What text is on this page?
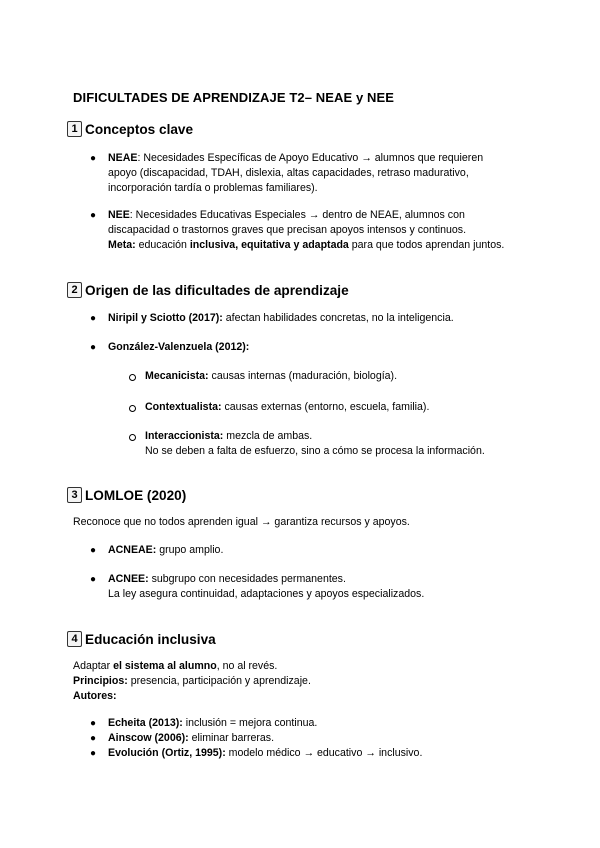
DIFICULTADES DE APRENDIZAJE T2– NEAE y NEE
1 Conceptos clave
● NEAE: Necesidades Específicas de Apoyo Educativo → alumnos que requieren
apoyo (discapacidad, TDAH, dislexia, altas capacidades, retraso madurativo,
incorporación tardía o problemas familiares).
● NEE: Necesidades Educativas Especiales → dentro de NEAE, alumnos con
discapacidad o trastornos graves que precisan apoyos intensos y continuos.
Meta: educación inclusiva, equitativa y adaptada para que todos aprendan juntos.
2 Origen de las dificultades de aprendizaje
● Niripil y Sciotto (2017): afectan habilidades concretas, no la inteligencia.
● González-Valenzuela (2012):
Mecanicista: causas internas (maduración, biología).
Contextualista: causas externas (entorno, escuela, familia).
Interaccionista: mezcla de ambas.
No se deben a falta de esfuerzo, sino a cómo se procesa la información.
3 LOMLOE (2020)
Reconoce que no todos aprenden igual → garantiza recursos y apoyos.
● ACNEAE: grupo amplio.
● ACNEE: subgrupo con necesidades permanentes.
La ley asegura continuidad, adaptaciones y apoyos especializados.
4 Educación inclusiva
Adaptar el sistema al alumno, no al revés.
Principios: presencia, participación y aprendizaje.
Autores:
● Echeita (2013): inclusión = mejora continua.
● Ainscow (2006): eliminar barreras.
● Evolución (Ortiz, 1995): modelo médico → educativo → inclusivo.
